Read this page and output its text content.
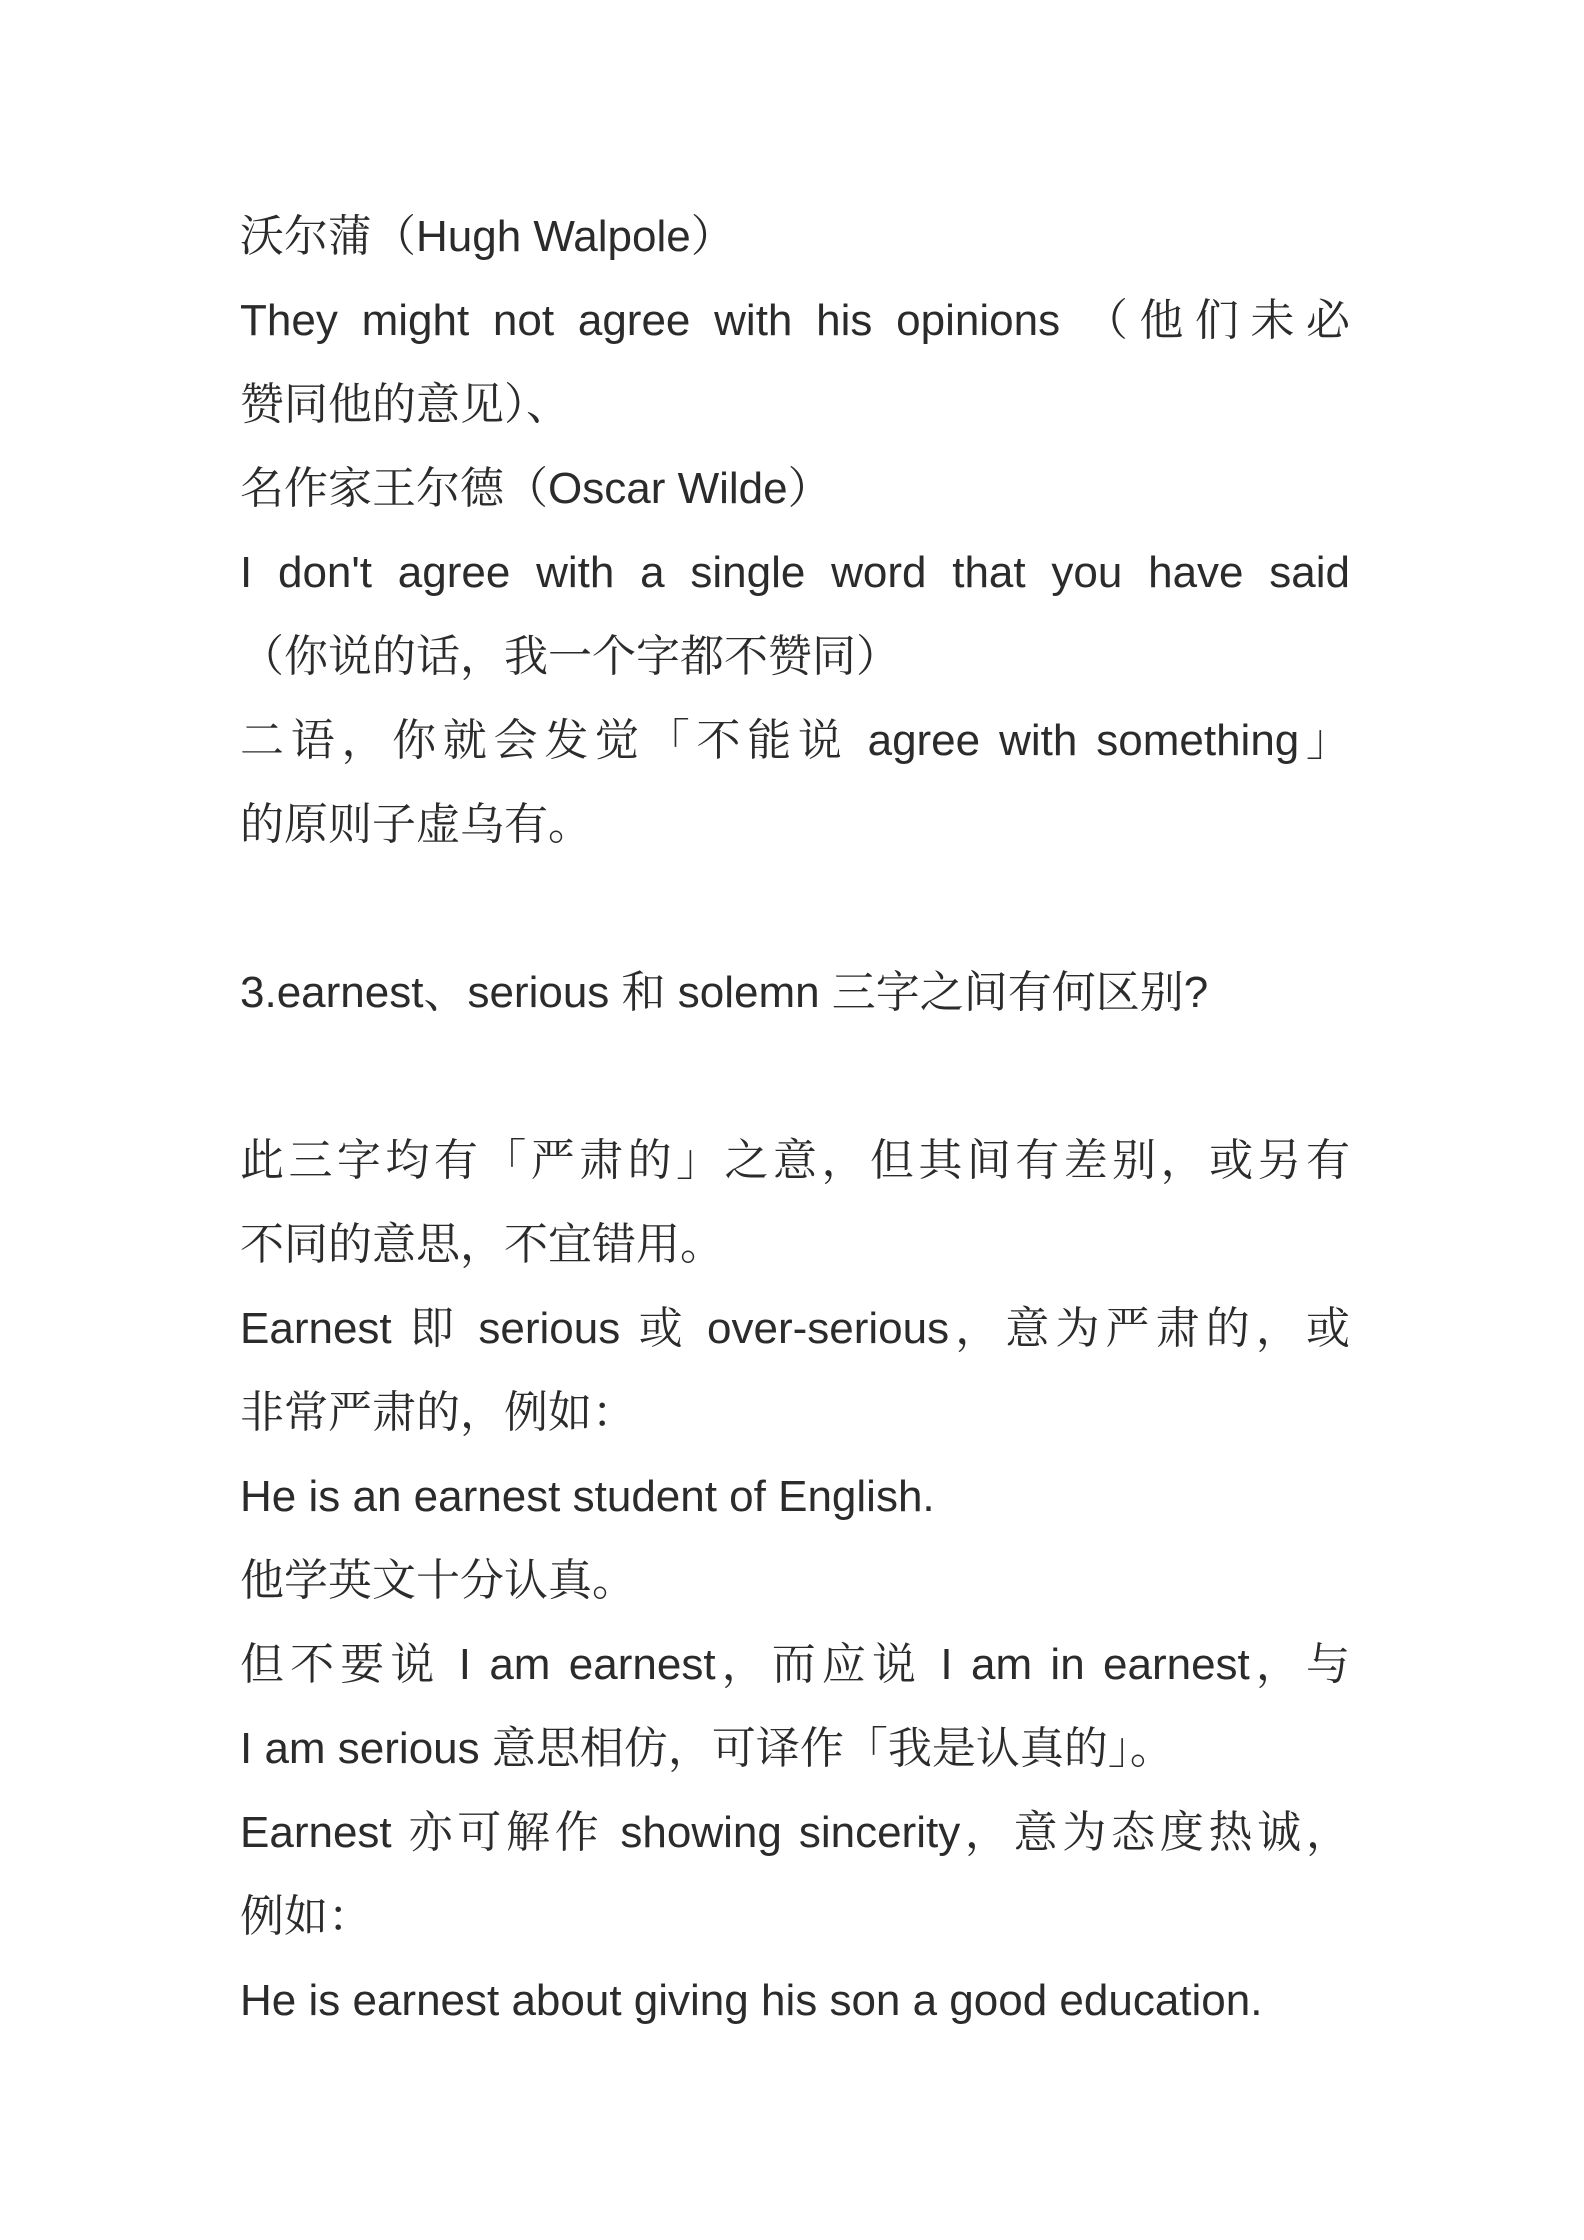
沃尔蒲（Hugh Walpole）
They might not agree with his opinions （他们未必
赞同他的意见）、
名作家王尔德（Oscar Wilde）
I don't agree with a single word that you have said
（你说的话，我一个字都不赞同）
二语，你就会发觉「不能说 agree with something」
的原则子虚乌有。
3.earnest、serious 和 solemn 三字之间有何区别?
此三字均有「严肃的」之意，但其间有差别，或另有
不同的意思，不宜错用。
Earnest 即 serious 或 over-serious，意为严肃的，或
非常严肃的，例如：
He is an earnest student of English.
他学英文十分认真。
但不要说 I am earnest，而应说 I am in earnest，与
I am serious 意思相仿，可译作「我是认真的」。
Earnest 亦可解作 showing sincerity，意为态度热诚，
例如：
He is earnest about giving his son a good education.
